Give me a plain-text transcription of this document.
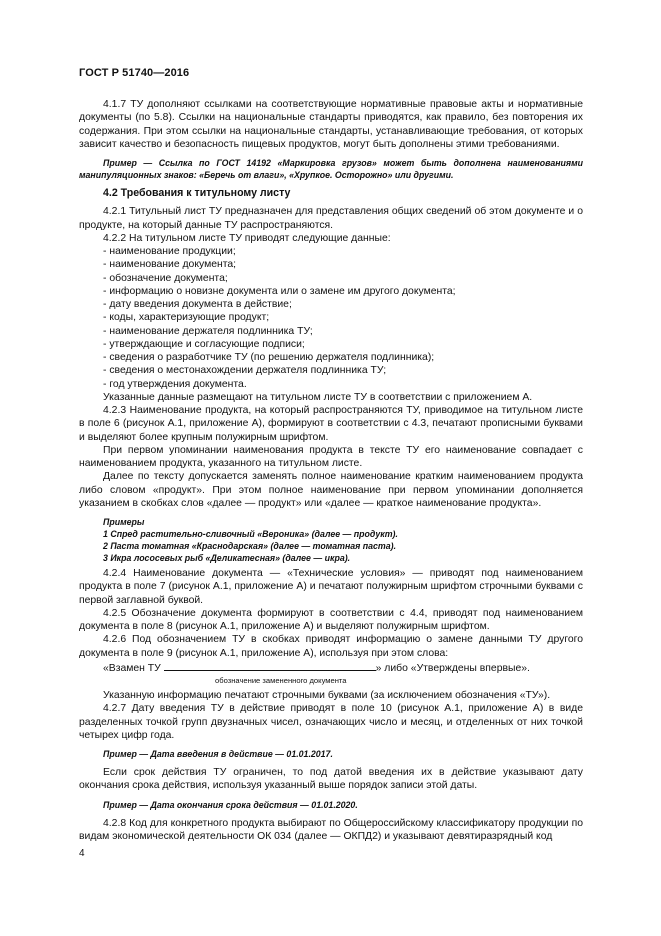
ГОСТ Р 51740—2016

4.1.7 ТУ дополняют ссылками на соответствующие нормативные правовые акты и нормативные документы (по 5.8). Ссылки на национальные стандарты приводятся, как правило, без повторения их содержания. При этом ссылки на национальные стандарты, устанавливающие требования, от которых зависит качество и безопасность пищевых продуктов, могут быть дополнены этими требованиями.

Пример — Ссылка по ГОСТ 14192 «Маркировка грузов» может быть дополнена наименованиями манипуляционных знаков: «Беречь от влаги», «Хрупкое. Осторожно» или другими.

4.2 Требования к титульному листу

4.2.1 Титульный лист ТУ предназначен для представления общих сведений об этом документе и о продукте, на который данные ТУ распространяются.

4.2.2 На титульном листе ТУ приводят следующие данные:

- наименование продукции;

- наименование документа;

- обозначение документа;

- информацию о новизне документа или о замене им другого документа;

- дату введения документа в действие;

- коды, характеризующие продукт;

- наименование держателя подлинника ТУ;

- утверждающие и согласующие подписи;

- сведения о разработчике ТУ (по решению держателя подлинника);

- сведения о местонахождении держателя подлинника ТУ;

- год утверждения документа.

Указанные данные размещают на титульном листе ТУ в соответствии с приложением А.

4.2.3 Наименование продукта, на который распространяются ТУ, приводимое на титульном листе в поле 6 (рисунок А.1, приложение А), формируют в соответствии с 4.3, печатают прописными буквами и выделяют более крупным полужирным шрифтом.

При первом упоминании наименования продукта в тексте ТУ его наименование совпадает с наименованием продукта, указанного на титульном листе.

Далее по тексту допускается заменять полное наименование кратким наименованием продукта либо словом «продукт». При этом полное наименование при первом упоминании дополняется указанием в скобках слов «далее — продукт» или «далее — краткое наименование продукта».

Примеры

1 Спред растительно-сливочный «Вероника» (далее — продукт).

2 Паста томатная «Краснодарская» (далее — томатная паста).

3 Икра лососевых рыб «Деликатесная» (далее — икра).

4.2.4 Наименование документа — «Технические условия» — приводят под наименованием продукта в поле 7 (рисунок А.1, приложение А) и печатают полужирным шрифтом строчными буквами с первой заглавной буквой.

4.2.5 Обозначение документа формируют в соответствии с 4.4, приводят под наименованием документа в поле 8 (рисунок А.1, приложение А) и выделяют полужирным шрифтом.

4.2.6 Под обозначением ТУ в скобках приводят информацию о замене данными ТУ другого документа в поле 9 (рисунок А.1, приложение А), используя при этом слова:

«Взамен ТУ	» либо «Утверждены впервые».

обозначение замененного документа

Указанную информацию печатают строчными буквами (за исключением обозначения «ТУ»).

4.2.7 Дату введения ТУ в действие приводят в поле 10 (рисунок А.1, приложение А) в виде разделенных точкой групп двузначных чисел, означающих число и месяц, и отделенных от них точкой четырех цифр года.

Пример — Дата введения в действие — 01.01.2017.

Если срок действия ТУ ограничен, то под датой введения их в действие указывают дату окончания срока действия, используя указанный выше порядок записи этой даты.

Пример — Дата окончания срока действия — 01.01.2020.

4.2.8 Код для конкретного продукта выбирают по Общероссийскому классификатору продукции по видам экономической деятельности ОК 034 (далее — ОКПД2) и указывают девятиразрядный код

4
